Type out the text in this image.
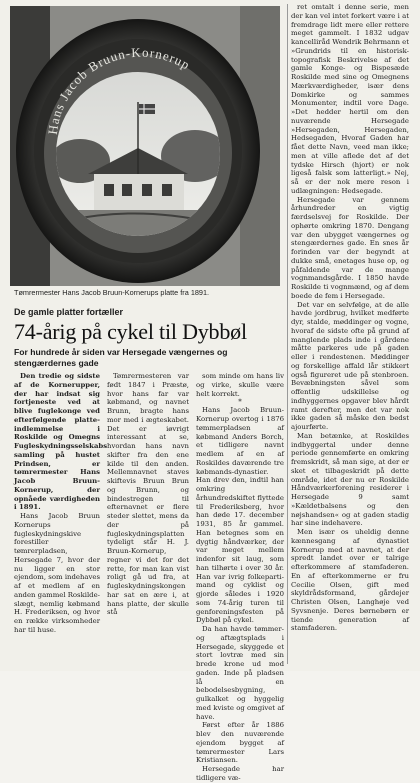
Hans Jacob Bruun-Kornerup
Tømrermester Hans Jacob Bruun-Kornerups platte fra 1891.
De gamle platter fortæller
74-årig på cykel til Dybbøl
For hundrede år siden var Hersegade vængernes og stengærdernes gade

Den tredie og sidste af de Kornerupper, der har indsat sig fortjeneste ved at blive fuglekonge ved efterfølgende platte-indlemmelse i Roskilde og Omegns Fugleskydningsselskabs samling på hustet Prindsen, er tømrermester Hans Jacob Bruun-Kornerup, der opnåede værdigheden i 1891.

Hans Jacob Bruun Kornerups fugleskydningskive forestiller tømrerpladsen, Hersegade 7, hvor der nu ligger en stor ejendom, som indehaves af et medlem af en anden gammel Roskilde-slægt, nemlig købmand H. Frederiksen, og hvor en række virksomheder har til huse.

Tømrermesteren var født 1847 i Præstø, hvor hans far var købmand, og navnet Brunn, bragte hans mor med i ægteskabet. Det er iøvrigt interessant at se, hvordan hans navn skifter fra den ene kilde til den anden. Mellemnavnet staves skiftevis Bruun Brun og Brunn, og bindestregen til efternavnet er flere steder slettet, mens da der på fugleskydningsplatten tydeligt står H. J. Bruun-Kornerup, regner vi det for det rette, for man kan vist roligt gå ud fra, at fugleskydningskongen har sat en ære i, at hans platte, der skulle stå

som minde om hans liv og virke, skulle være helt korrekt.

*

Hans Jacob Bruun-Kornerup overtog i 1876 tømmerpladsen af købmand Anders Borch, et tidligere navnt medlem af en af Roskildes daværende tre købmands-dynastier. Han drev den, indtil han omkring århundredskiftet flyttede til Frederiksberg, hvor han døde 17. december 1931, 85 år gammel. Han betegnes som en dygtig håndværker, der var meget mellem indenfor sit laug, som han tilhørte i over 30 år. Han var ivrig folkeparti-mand og cyklist og gjorde således i 1920 som 74-årig turen til genforeningsfesten på Dybbøl på cykel.

Da han havde tømmer- og aftægtsplads i Hersegade, skyggede et stort lovtræ med sin brede krone ud mod gaden. Inde på pladsen lå en bebodelsesbygning, gulkalket og hyggelig med kviste og omgivet af have.

Først efter år 1886 blev den nuværende ejendom bygget af tømrermester Lars Kristiansen.

Hersegade har tidligere væ-

ret omtalt i denne serie, men der kan vel intet forkert være i at fremdrage lidt mere eller rettere meget gammelt. I 1832 udgav kancelliråd Wendrik Behrmann et »Grundrids til en historisk-topografisk Beskrivelse af det gamle Konge- og Bispesæde Roskilde med sine og Omegnens Mærkværdigheder, især dens Domkirke og sammes Monumenter, indtil vore Dage. »Det hedder hertil om den nuværende Hersegade »Hersegaden, Hersegaden, Hedsegaden, Hvoraf Gaden har fået dette Navn, veed man ikke; men at ville aflede det af det tydske Hirsch (hjort) er nok ligeså falsk som latterligt.» Nej, så er der nok mere reson i udlægningen: Hedsegade.

Hersegade var gennem århundreder en vigtig færdselsvej for Roskilde. Der ophørte omkring 1870. Dengang var den ubygget vængernes og stengærdernes gade. En snes år forinden var der begyndt at dukke små, enetages huse op, og påfaldende var de mange vognmandsgårde. I 1850 havde Roskilde ti vognmænd, og af dem boede de fem i Hersegade.

Det var en selvfølge, at de alle havde jordbrug, hvilket medførte dyr, stalde, møddinger og vogne, hvoraf de sidste ofte på grund af manglende plads inde i gårdene måtte parkeres ude på gaden eller i rendestenen. Møddinger og forskellige affald lår stikkert også figureret ude på stenbroen. Bevæbningsten såvel som offentlig udskillelse og indhyggernes opgaver blev hårdt ramt derefter, men det var nok ikke gaden så måske den bedst ajourførte.

Man betænke, at Roskildes indbyggertal under denne periode gennemførte en omkring fremskridt, så man sige, at der er sket et tilbageskridt på dette område, idet der nu er Roskilde Håndværkerforening residerer i Hersegade 9 samt »Kældetbalsens og den nøjshandsen« og at gaden stadig har sine indehavere.

Men især os uheldig denne kænnesgang af dynastiet Kornerup med at navnet, at der spredt landet over er talrige efterkommere af stamfaderen. En af efterkommerne er fru Cecilie Olsen, gift med skyldrådsformand, gårdejer Christen Olsen, Langhøje ved Syvsnenje. Deres børnebørn er tiende generation af stamfaderen.
